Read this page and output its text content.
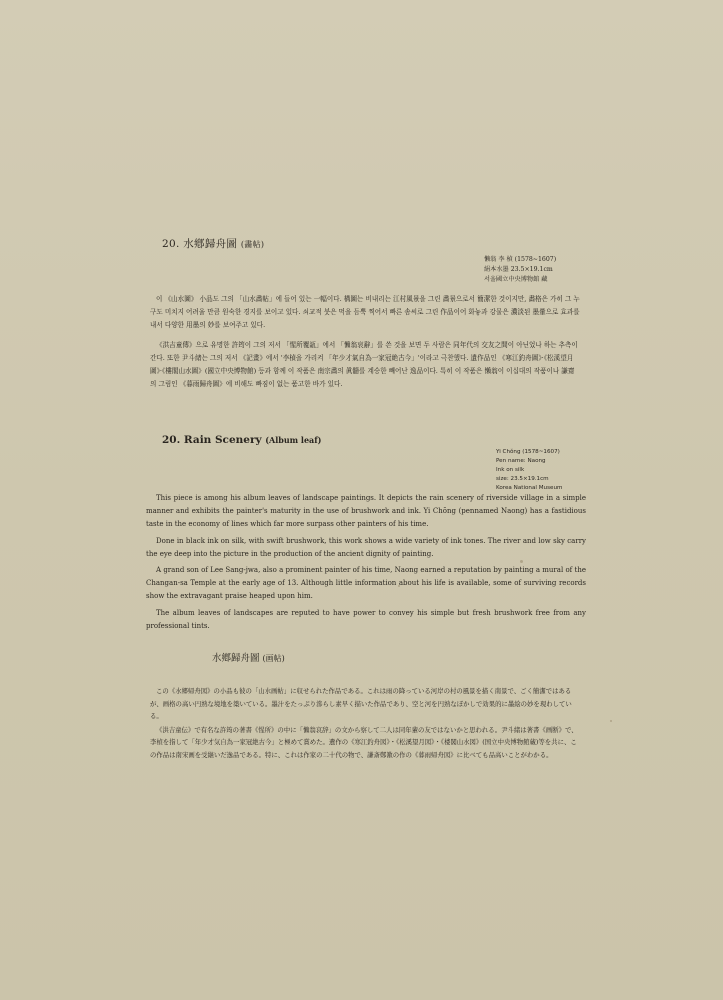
20. 水鄕歸舟圖 (畵帖)
懶翁 李 楨 (1578~1607)
絹本水墨 23.5×19.1cm
서울國立中央博物館 藏

이 《山水圖》 小品도 그의 「山水畵帖」에 들어 있는 一幅이다. 構圖는 비내리는 江村風景을 그린 畵景으로서 簡潔한 것이지만, 畵格은 가히 그 누구도 미치지 어려울 만큼 원숙한 경지를 보이고 있다. 쇠교적 붓은 먹을 듬뿍 찍어서 빠른 솜씨로 그린 作品이어 화놓과 강물은 濃淡된 墨暈으로 효과를 내서 다양한 用墨의 妙를 보여주고 있다.

《洪吉童傳》으로 유명한 許筠이 그의 저서 「惺所覆瓿」에서 「懶翁哀辭」를 쓴 것을 보면 두 사람은 同年代의 交友之間이 아닌었나 하는 추측이 간다. 또한 尹斗緖는 그의 저서 《記畫》에서 '李楨을 가리켜 「年少才氣自為一家冠絶古今」'이라고 극찬했다. 遺作品인 《寒江釣舟圖》·《松溪望月圖》·《樓閣山水圖》(國立中央博物館) 등과 함께 이 작품은 南宗畵의 眞髓를 계승한 빼어난 逸品이다. 특히 이 작품은 懶翁이 이십대의 작품이나 謙齋의 그림인 《暮雨歸舟圖》에 비해도 빠짐이 없는 품고한 바가 있다.

20. Rain Scenery (Album leaf)
Yi Chŏng (1578~1607)
Pen name: Naong
Ink on silk
size: 23.5×19.1cm
Korea National Museum

This piece is among his album leaves of landscape paintings. It depicts the rain scenery of riverside village in a simple manner and exhibits the painter's maturity in the use of brushwork and ink. Yi Chŏng (pennamed Naong) has a fastidious taste in the economy of lines which far more surpass other painters of his time.

Done in black ink on silk, with swift brushwork, this work shows a wide variety of ink tones. The river and low sky carry the eye deep into the picture in the production of the ancient dignity of painting.

A grand son of Lee Sang-jwa, also a prominent painter of his time, Naong earned a reputation by painting a mural of the Changan-sa Temple at the early age of 13. Although little information about his life is available, some of surviving records show the extravagant praise heaped upon him.

The album leaves of landscapes are reputed to have power to convey his simple but fresh brushwork free from any professional tints.

水鄕歸舟圖 (画帖)

この《水郷帰舟図》の小品も彼の「山水画帖」に収せられた作品である。これは雨の降っている河岸の村の風景を描く南景で、ごく簡潔ではあるが、画格の高い円熟な境地を築いている。墨汁をたっぷり滲らし素早く描いた作品であり、空と河を円熟なぼかしで効果的に墨絵の妙を現わしている。

《洪吉童伝》で有名な許筠の著書《惺所》の中に「懶翁哀辞」の文から察して二人は同年輩の友ではないかと思われる。尹斗緒は著書《画断》で、李楨を指して「年少才気自為一家冠絶古今」と極めて賞めた。遺作の《寒江釣舟図》・《松溪望月図》・《楼閣山水図》(国立中央博物館蔵)等を共に、この作品は南宋画を受継いだ逸品である。特に、これは作家の二十代の物で、謙斎鄭敾の作の《暮雨帰舟図》に比べても品高いことがわかる。
